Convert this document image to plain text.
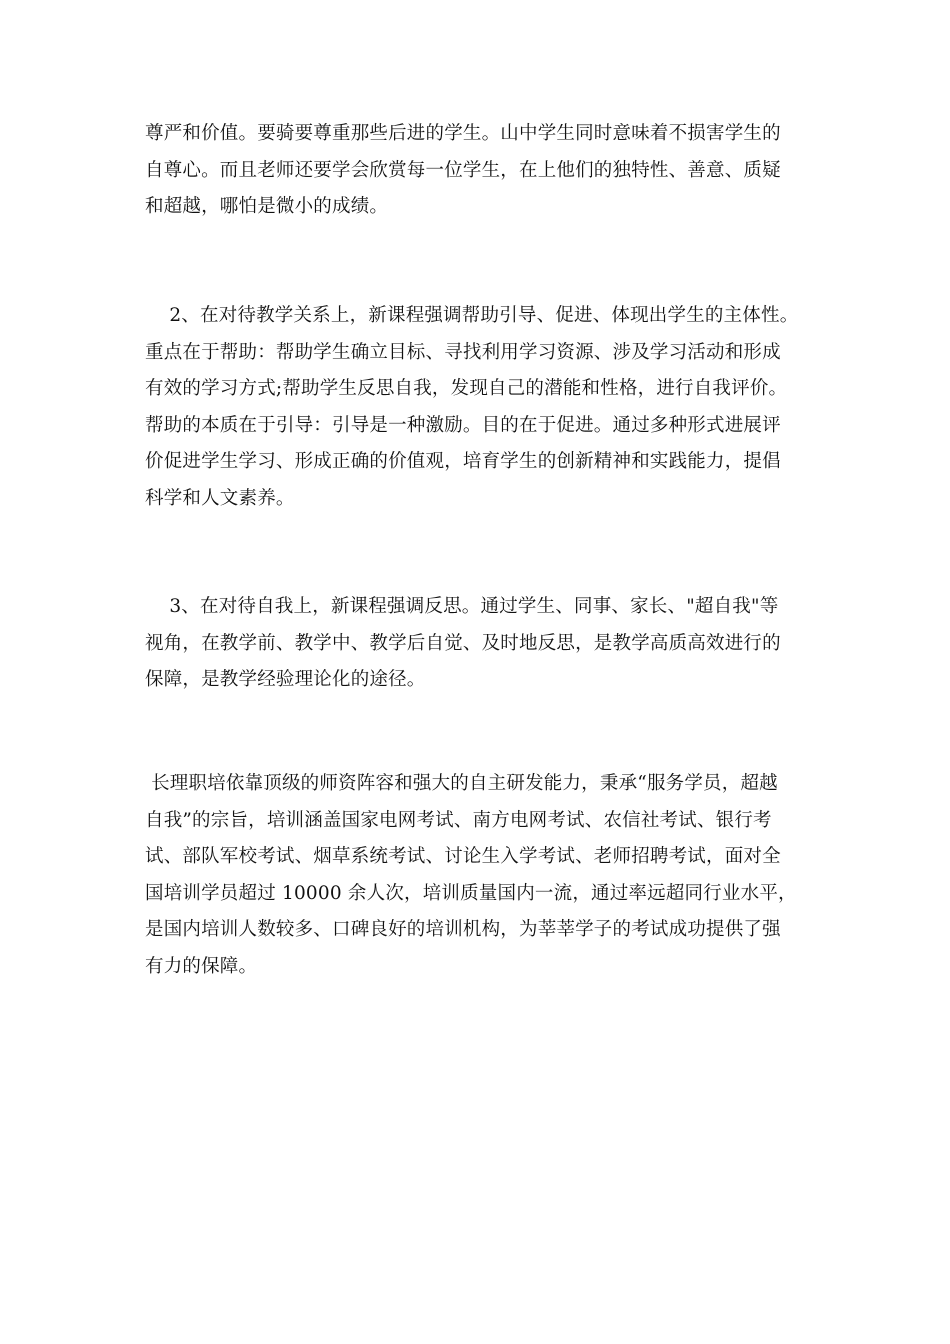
尊严和价值。要骑要尊重那些后进的学生。山中学生同时意味着不损害学生的
自尊心。而且老师还要学会欣赏每一位学生，在上他们的独特性、善意、质疑
和超越，哪怕是微小的成绩。
2、在对待教学关系上，新课程强调帮助引导、促进、体现出学生的主体性。
重点在于帮助：帮助学生确立目标、寻找利用学习资源、涉及学习活动和形成
有效的学习方式;帮助学生反思自我，发现自己的潜能和性格，进行自我评价。
帮助的本质在于引导：引导是一种激励。目的在于促进。通过多种形式进展评
价促进学生学习、形成正确的价值观，培育学生的创新精神和实践能力，提倡
科学和人文素养。
3、在对待自我上，新课程强调反思。通过学生、同事、家长、"超自我"等
视角，在教学前、教学中、教学后自觉、及时地反思，是教学高质高效进行的
保障，是教学经验理论化的途径。
长理职培依靠顶级的师资阵容和强大的自主研发能力，秉承“服务学员，超越
自我”的宗旨，培训涵盖国家电网考试、南方电网考试、农信社考试、银行考
试、部队军校考试、烟草系统考试、讨论生入学考试、老师招聘考试，面对全
国培训学员超过 10000 余人次，培训质量国内一流，通过率远超同行业水平，
是国内培训人数较多、口碑良好的培训机构，为莘莘学子的考试成功提供了强
有力的保障。
